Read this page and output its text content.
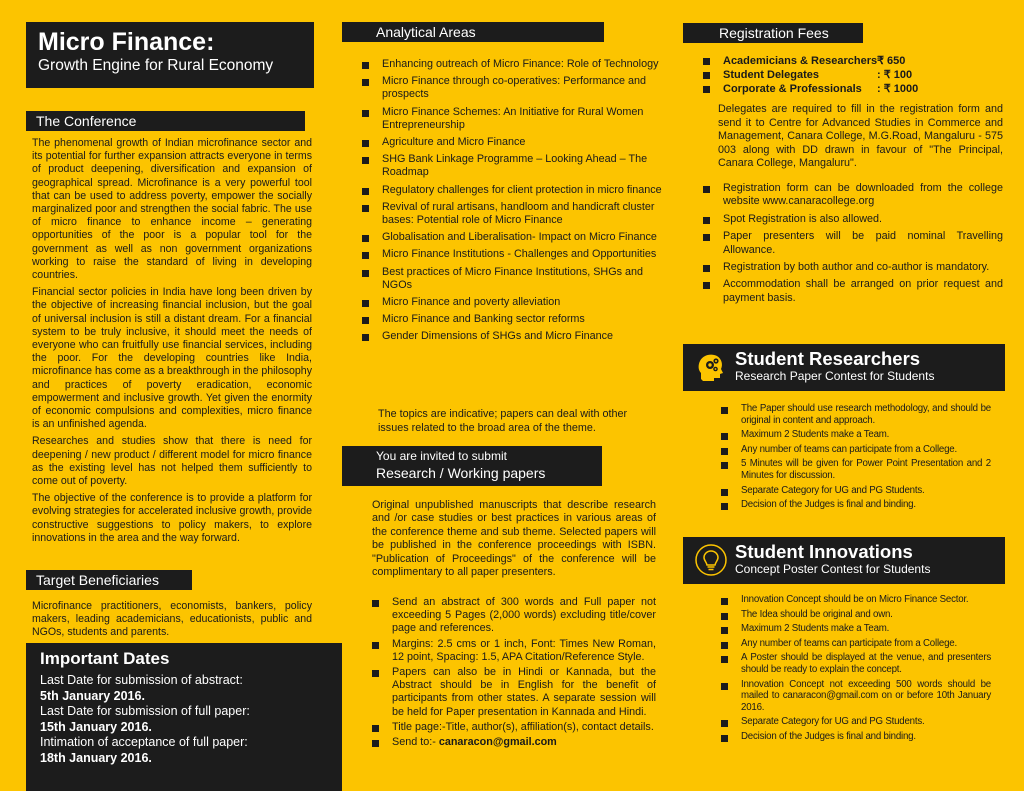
Micro Finance:
Growth Engine for Rural Economy
The Conference

The phenomenal growth of Indian microfinance sector and its potential for further expansion attracts everyone in terms of product deepening, diversification and expansion of geographical spread. Microfinance is a very powerful tool that can be used to address poverty, empower the socially marginalized poor and strengthen the social fabric. The use of micro finance to enhance income – generating opportunities of the poor is a popular tool for the government as well as non government organizations working to raise the standard of living in developing countries.

Financial sector policies in India have long been driven by the objective of increasing financial inclusion, but the goal of universal inclusion is still a distant dream. For a financial system to be truly inclusive, it should meet the needs of everyone who can fruitfully use financial services, including the poor. For the developing countries like India, microfinance has come as a breakthrough in the philosophy and practices of poverty eradication, economic empowerment and inclusive growth. Yet given the enormity of economic compulsions and complexities, micro finance is an unfinished agenda.

Researches and studies show that there is need for deepening / new product / different model for micro finance as the existing level has not helped them sufficiently to come out of poverty.

The objective of the conference is to provide a platform for evolving strategies for accelerated inclusive growth, provide constructive suggestions to policy makers, to explore innovations in the area and the way forward.

Target Beneficiaries

Microfinance practitioners, economists, bankers, policy makers, leading academicians, educationists, public and NGOs, students and parents.

Important Dates
Last Date for submission of abstract:
5th January 2016.
Last Date for submission of full paper:
15th January 2016.
Intimation of acceptance of full paper:
18th January 2016.
Analytical Areas
Enhancing outreach of Micro Finance: Role of Technology
Micro Finance through co-operatives: Performance and prospects
Micro Finance Schemes: An Initiative for Rural Women Entrepreneurship
Agriculture and Micro Finance
SHG Bank Linkage Programme – Looking Ahead – The Roadmap
Regulatory challenges for client protection in micro finance
Revival of rural artisans, handloom and handicraft cluster bases: Potential role of Micro Finance
Globalisation and Liberalisation- Impact on Micro Finance
Micro Finance Institutions - Challenges and Opportunities
Best practices of Micro Finance Institutions, SHGs and NGOs
Micro Finance and poverty alleviation
Micro Finance and Banking sector reforms
Gender Dimensions of SHGs and Micro Finance

The topics are indicative; papers can deal with other issues related to the broad area of the theme.

You are invited to submit
Research / Working papers

Original unpublished manuscripts that describe research and /or case studies or best practices in various areas of the conference theme and sub theme. Selected papers will be published in the conference proceedings with ISBN. "Publication of Proceedings" of the conference will be complimentary to all paper presenters.

Send an abstract of 300 words and Full paper not exceeding 5 Pages (2,000 words) excluding title/cover page and references.
Margins: 2.5 cms or 1 inch, Font: Times New Roman, 12 point, Spacing: 1.5, APA Citation/Reference Style.
Papers can also be in Hindi or Kannada, but the Abstract should be in English for the benefit of participants from other states. A separate session will be held for Paper presentation in Kannada and Hindi.
Title page:-Title, author(s), affiliation(s), contact details.
Send to:- canaracon@gmail.com
Registration Fees
Academicians & Researchers :
₹ 650
Student Delegates	: ₹ 100
Corporate & Professionals : ₹ 1000

Delegates are required to fill in the registration form and send it to Centre for Advanced Studies in Commerce and Management, Canara College, M.G.Road, Mangaluru - 575 003 along with DD drawn in favour of "The Principal, Canara College, Mangaluru".

Registration form can be downloaded from the college website www.canaracollege.org
Spot Registration is also allowed.
Paper presenters will be paid nominal Travelling Allowance.
Registration by both author and co-author is mandatory.
Accommodation shall be arranged on prior request and payment basis.
Student Researchers
Research Paper Contest for Students
The Paper should use research methodology, and should be original in content and approach.
Maximum 2 Students make a Team.
Any number of teams can participate from a College.
5 Minutes will be given for Power Point Presentation and 2 Minutes for discussion.
Separate Category for UG and PG Students.
Decision of the Judges is final and binding.
Student Innovations
Concept Poster Contest for Students
Innovation Concept should be on Micro Finance Sector.
The Idea should be original and own.
Maximum 2 Students make a Team.
Any number of teams can participate from a College.
A Poster should be displayed at the venue, and presenters should be ready to explain the concept.
Innovation Concept not exceeding 500 words should be mailed to canaracon@gmail.com on or before 10th January 2016.
Separate Category for UG and PG Students.
Decision of the Judges is final and binding.
